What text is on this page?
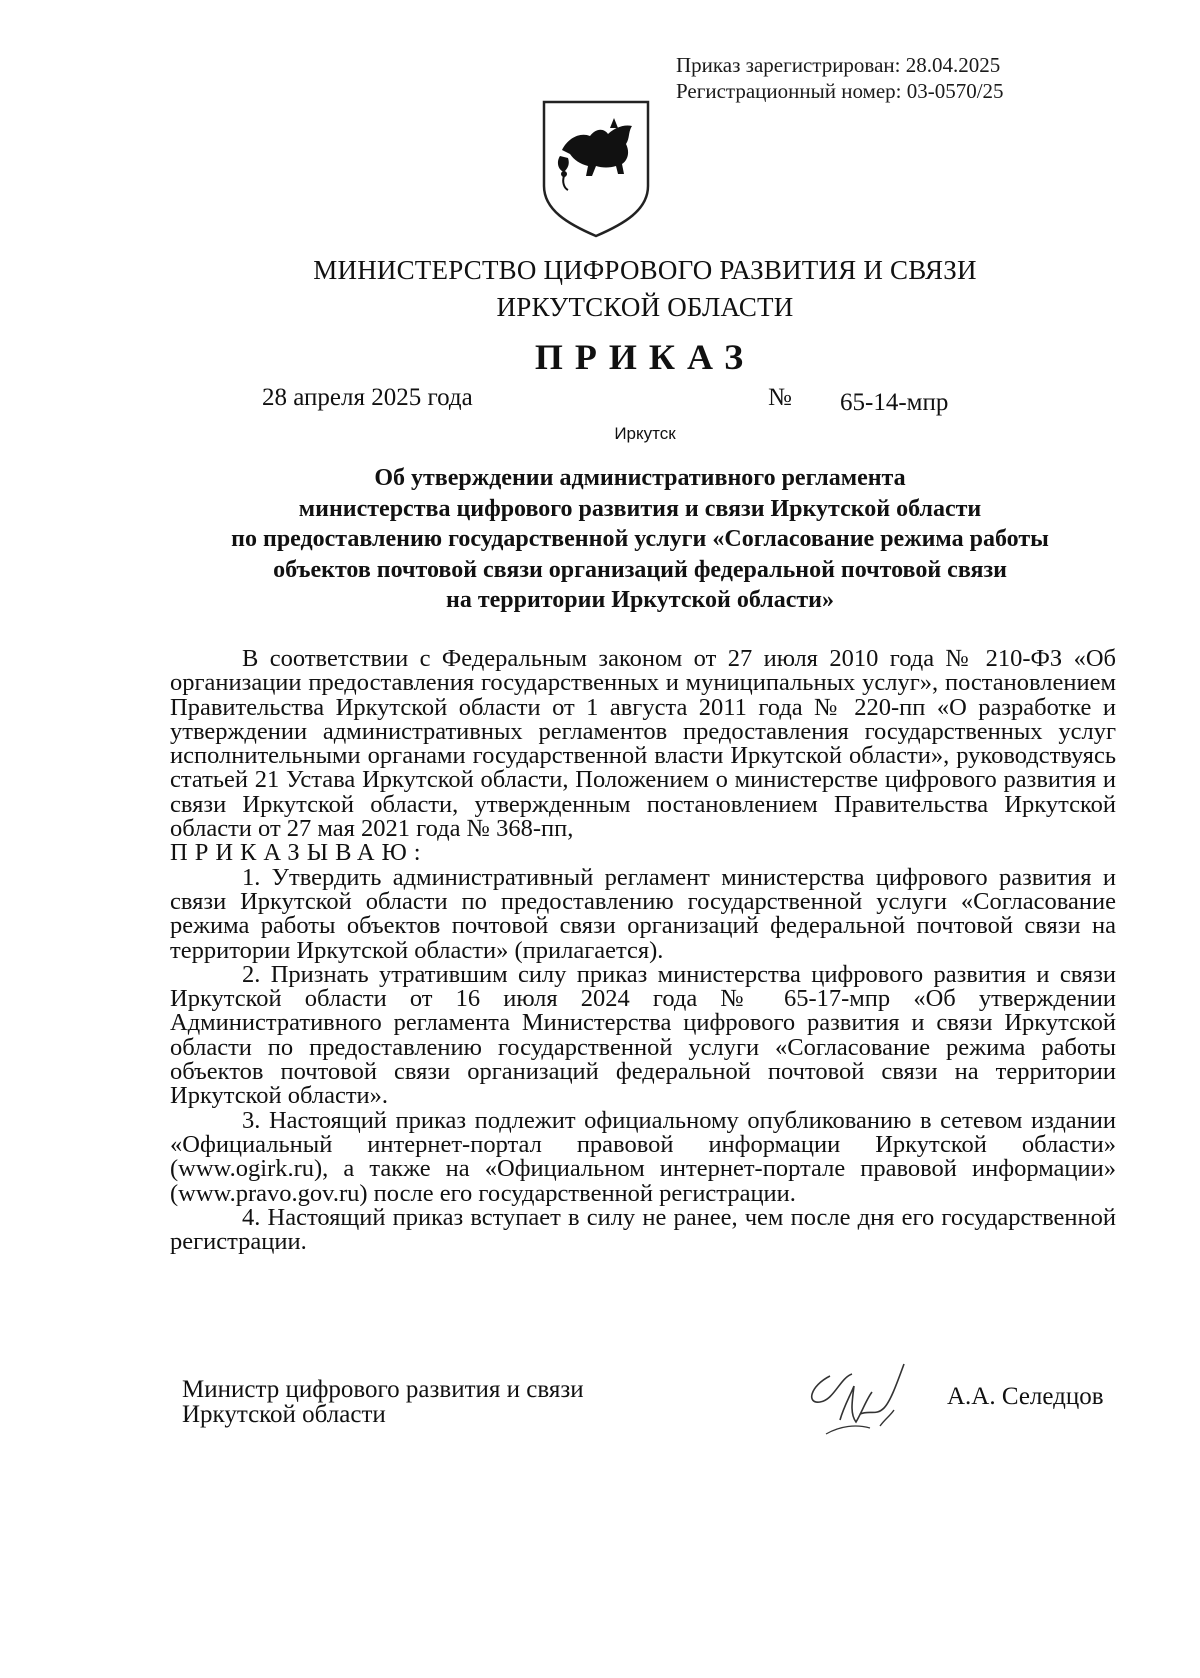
Приказ зарегистрирован: 28.04.2025
Регистрационный номер: 03-0570/25
МИНИСТЕРСТВО ЦИФРОВОГО РАЗВИТИЯ И СВЯЗИ
ИРКУТСКОЙ ОБЛАСТИ
ПРИКАЗ
28 апреля 2025 года	№ 65-14-мпр
Иркутск
Об утверждении административного регламента
министерства цифрового развития и связи Иркутской области
по предоставлению государственной услуги «Согласование режима работы
объектов почтовой связи организаций федеральной почтовой связи
на территории Иркутской области»

В соответствии с Федеральным законом от 27 июля 2010 года № 210-ФЗ «Об организации предоставления государственных и муниципальных услуг», постановлением Правительства Иркутской области от 1 августа 2011 года № 220-пп «О разработке и утверждении административных регламентов предоставления государственных услуг исполнительными органами государственной власти Иркутской области», руководствуясь статьей 21 Устава Иркутской области, Положением о министерстве цифрового развития и связи Иркутской области, утвержденным постановлением Правительства Иркутской области от 27 мая 2021 года № 368-пп,

ПРИКАЗЫВАЮ:

1. Утвердить административный регламент министерства цифрового развития и связи Иркутской области по предоставлению государственной услуги «Согласование режима работы объектов почтовой связи организаций федеральной почтовой связи на территории Иркутской области» (прилагается).

2. Признать утратившим силу приказ министерства цифрового развития и связи Иркутской области от 16 июля 2024 года № 65-17-мпр «Об утверждении Административного регламента Министерства цифрового развития и связи Иркутской области по предоставлению государственной услуги «Согласование режима работы объектов почтовой связи организаций федеральной почтовой связи на территории Иркутской области».

3. Настоящий приказ подлежит официальному опубликованию в сетевом издании «Официальный интернет-портал правовой информации Иркутской области» (www.ogirk.ru), а также на «Официальном интернет-портале правовой информации» (www.pravo.gov.ru) после его государственной регистрации.

4. Настоящий приказ вступает в силу не ранее, чем после дня его государственной регистрации.

Министр цифрового развития и связи
Иркутской области
А.А. Селедцов
